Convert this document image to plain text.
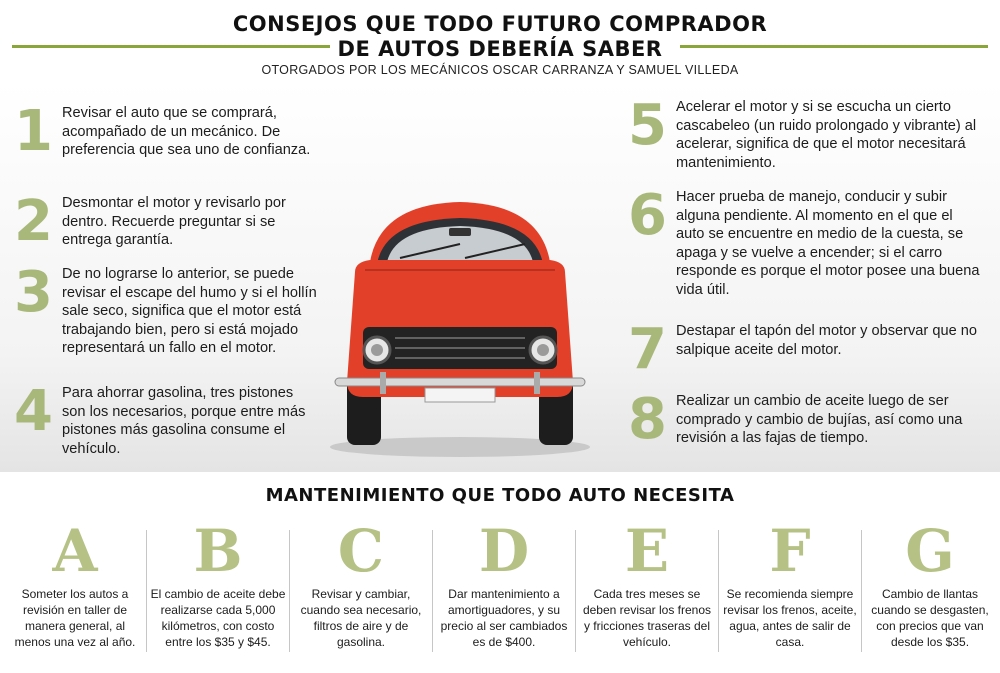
CONSEJOS QUE TODO FUTURO COMPRADOR
DE AUTOS DEBERÍA SABER
OTORGADOS POR LOS MECÁNICOS OSCAR CARRANZA Y SAMUEL VILLEDA
1 Revisar el auto que se comprará, acompañado de un mecánico. De preferencia que sea uno de confianza.
2 Desmontar el motor y revisarlo por dentro. Recuerde preguntar si se entrega garantía.
3 De no lograrse lo anterior, se puede revisar el escape del humo y si el hollín sale seco, significa que el motor está trabajando bien, pero si está mojado representará un fallo en el motor.
4 Para ahorrar gasolina, tres pistones son los necesarios, porque entre más pistones más gasolina consume el vehículo.
5 Acelerar el motor y si se escucha un cierto cascabeleo (un ruido prolongado y vibrante) al acelerar, significa de que el motor necesitará mantenimiento.
6 Hacer prueba de manejo, conducir y subir alguna pendiente. Al momento en el que el auto se encuentre en medio de la cuesta, se apaga y se vuelve a encender; si el carro responde es porque el motor posee una buena vida útil.
7 Destapar el tapón del motor y observar que no salpique aceite del motor.
8 Realizar un cambio de aceite luego de ser comprado y cambio de bujías, así como una revisión a las fajas de tiempo.
MANTENIMIENTO QUE TODO AUTO NECESITA
A
Someter los autos a revisión en taller de manera general, al menos una vez al año.
B
El cambio de aceite debe realizarse cada 5,000 kilómetros, con costo entre los $35 y $45.
C
Revisar y cambiar, cuando sea necesario, filtros de aire y de gasolina.
D
Dar mantenimiento a amortiguadores, y su precio al ser cambiados es de $400.
E
Cada tres meses se deben revisar los frenos y fricciones traseras del vehículo.
F
Se recomienda siempre revisar los frenos, aceite, agua, antes de salir de casa.
G
Cambio de llantas cuando se desgasten, con precios que van desde los $35.
